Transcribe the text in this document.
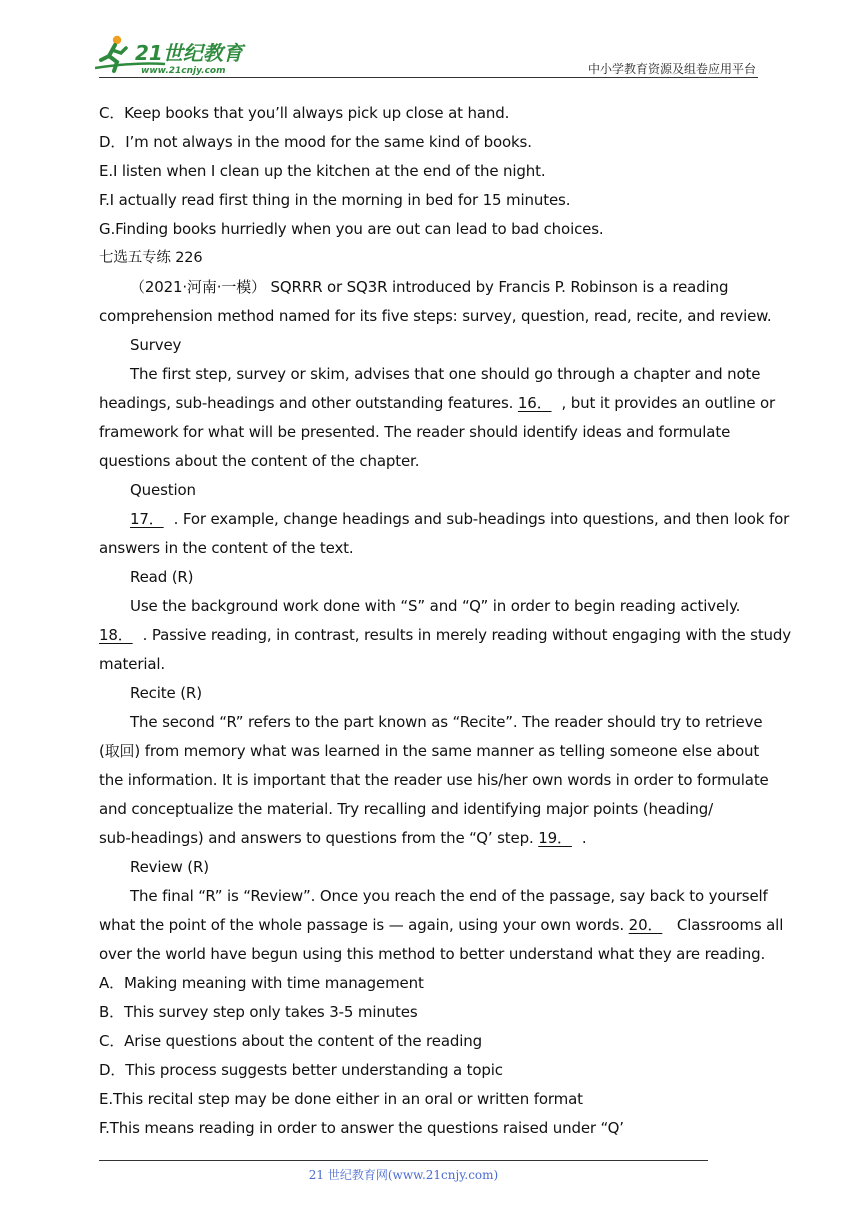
21世纪教育
www.21cnjy.com	中小学教育资源及组卷应用平台
C．Keep books that you’ll always pick up close at hand.
D．I’m not always in the mood for the same kind of books.
E.I listen when I clean up the kitchen at the end of the night.
F.I actually read first thing in the morning in bed for 15 minutes.
G.Finding books hurriedly when you are out can lead to bad choices.
七选五专练 226
（2021·河南·一模） SQRRR or SQ3R introduced by Francis P. Robinson is a reading
comprehension method named for its five steps: survey, question, read, recite, and review.
Survey
The first step, survey or skim, advises that one should go through a chapter and note
headings, sub-headings and other outstanding features. 16． , but it provides an outline or
framework for what will be presented. The reader should identify ideas and formulate
questions about the content of the chapter.
Question
17． . For example, change headings and sub-headings into questions, and then look for
answers in the content of the text.
Read (R)
Use the background work done with “S” and “Q” in order to begin reading actively.
18． . Passive reading, in contrast, results in merely reading without engaging with the study
material.
Recite (R)
The second “R” refers to the part known as “Recite”. The reader should try to retrieve
(取回) from memory what was learned in the same manner as telling someone else about
the information. It is important that the reader use his/her own words in order to formulate
and conceptualize the material. Try recalling and identifying major points (heading/
sub-headings) and answers to questions from the “Q’ step. 19． .
Review (R)
The final “R” is “Review”. Once you reach the end of the passage, say back to yourself
what the point of the whole passage is — again, using your own words. 20． Classrooms all
over the world have begun using this method to better understand what they are reading.
A．Making meaning with time management
B．This survey step only takes 3-5 minutes
C．Arise questions about the content of the reading
D．This process suggests better understanding a topic
E.This recital step may be done either in an oral or written format
F.This means reading in order to answer the questions raised under “Q’
21 世纪教育网(www.21cnjy.com)
